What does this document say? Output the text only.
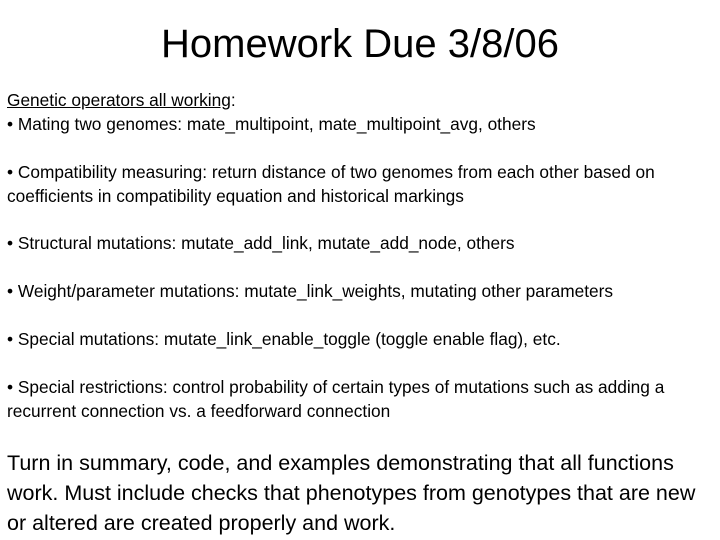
Homework Due 3/8/06
Genetic operators all working:
• Mating two genomes: mate_multipoint, mate_multipoint_avg, others
• Compatibility measuring: return distance of two genomes from each other based on coefficients in compatibility equation and historical markings
• Structural mutations: mutate_add_link, mutate_add_node, others
• Weight/parameter mutations: mutate_link_weights, mutating other parameters
• Special mutations: mutate_link_enable_toggle (toggle enable flag), etc.
• Special restrictions: control probability of certain types of mutations such as adding a recurrent connection vs. a feedforward connection
Turn in summary, code, and examples demonstrating that all functions work. Must include checks that phenotypes from genotypes that are new or altered are created properly and work.
